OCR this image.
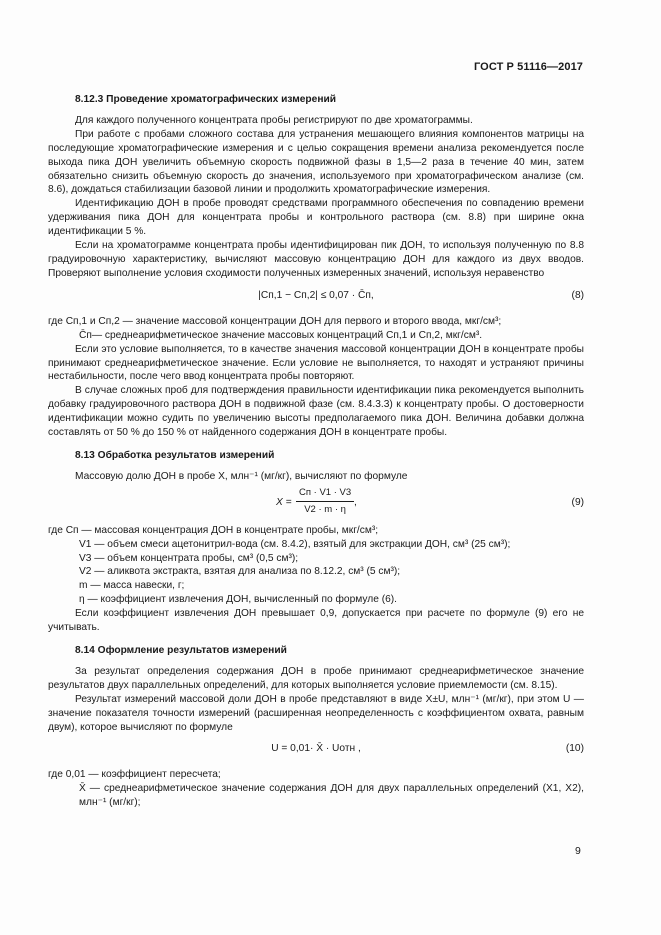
ГОСТ Р 51116—2017

8.12.3 Проведение хроматографических измерений

Для каждого полученного концентрата пробы регистрируют по две хроматограммы.

При работе с пробами сложного состава для устранения мешающего влияния компонентов матрицы на последующие хроматографические измерения и с целью сокращения времени анализа рекомендуется после выхода пика ДОН увеличить объемную скорость подвижной фазы в 1,5—2 раза в течение 40 мин, затем обязательно снизить объемную скорость до значения, используемого при хроматографическом анализе (см. 8.6), дождаться стабилизации базовой линии и продолжить хроматографические измерения.

Идентификацию ДОН в пробе проводят средствами программного обеспечения по совпадению времени удерживания пика ДОН для концентрата пробы и контрольного раствора (см. 8.8) при ширине окна идентификации 5 %.

Если на хроматограмме концентрата пробы идентифицирован пик ДОН, то используя полученную по 8.8 градуировочную характеристику, вычисляют массовую концентрацию ДОН для каждого из двух вводов. Проверяют выполнение условия сходимости полученных измеренных значений, используя неравенство

|Cп,1 − Cп,2| ≤ 0,07 · C̄п,	(8)

где Cп,1 и Cп,2 — значение массовой концентрации ДОН для первого и второго ввода, мкг/см³;

C̄п— среднеарифметическое значение массовых концентраций Cп,1 и Cп,2, мкг/см³.

Если это условие выполняется, то в качестве значения массовой концентрации ДОН в концентрате пробы принимают среднеарифметическое значение. Если условие не выполняется, то находят и устраняют причины нестабильности, после чего ввод концентрата пробы повторяют.

В случае сложных проб для подтверждения правильности идентификации пика рекомендуется выполнить добавку градуировочного раствора ДОН в подвижной фазе (см. 8.4.3.3) к концентрату пробы. О достоверности идентификации можно судить по увеличению высоты предполагаемого пика ДОН. Величина добавки должна составлять от 50 % до 150 % от найденного содержания ДОН в концентрате пробы.

8.13 Обработка результатов измерений

Массовую долю ДОН в пробе X, млн⁻¹ (мг/кг), вычисляют по формуле

X =
Cп · V1 · V3
V2 · m · η
,	(9)

где Cп — массовая концентрация ДОН в концентрате пробы, мкг/см³;

V1 — объем смеси ацетонитрил-вода (см. 8.4.2), взятый для экстракции ДОН, см³ (25 см³);

V3 — объем концентрата пробы, см³ (0,5 см³);

V2 — аликвота экстракта, взятая для анализа по 8.12.2, см³ (5 см³);

m — масса навески, г;

η — коэффициент извлечения ДОН, вычисленный по формуле (6).

Если коэффициент извлечения ДОН превышает 0,9, допускается при расчете по формуле (9) его не учитывать.

8.14 Оформление результатов измерений

За результат определения содержания ДОН в пробе принимают среднеарифметическое значение результатов двух параллельных определений, для которых выполняется условие приемлемости (см. 8.15).

Результат измерений массовой доли ДОН в пробе представляют в виде X±U, млн⁻¹ (мг/кг), при этом U — значение показателя точности измерений (расширенная неопределенность с коэффициентом охвата, равным двум), которое вычисляют по формуле

U = 0,01· X̄ · Uотн ,	(10)

где 0,01 — коэффициент пересчета;

X̄ — среднеарифметическое значение содержания ДОН для двух параллельных определений (X1, X2), млн⁻¹ (мг/кг);

9
